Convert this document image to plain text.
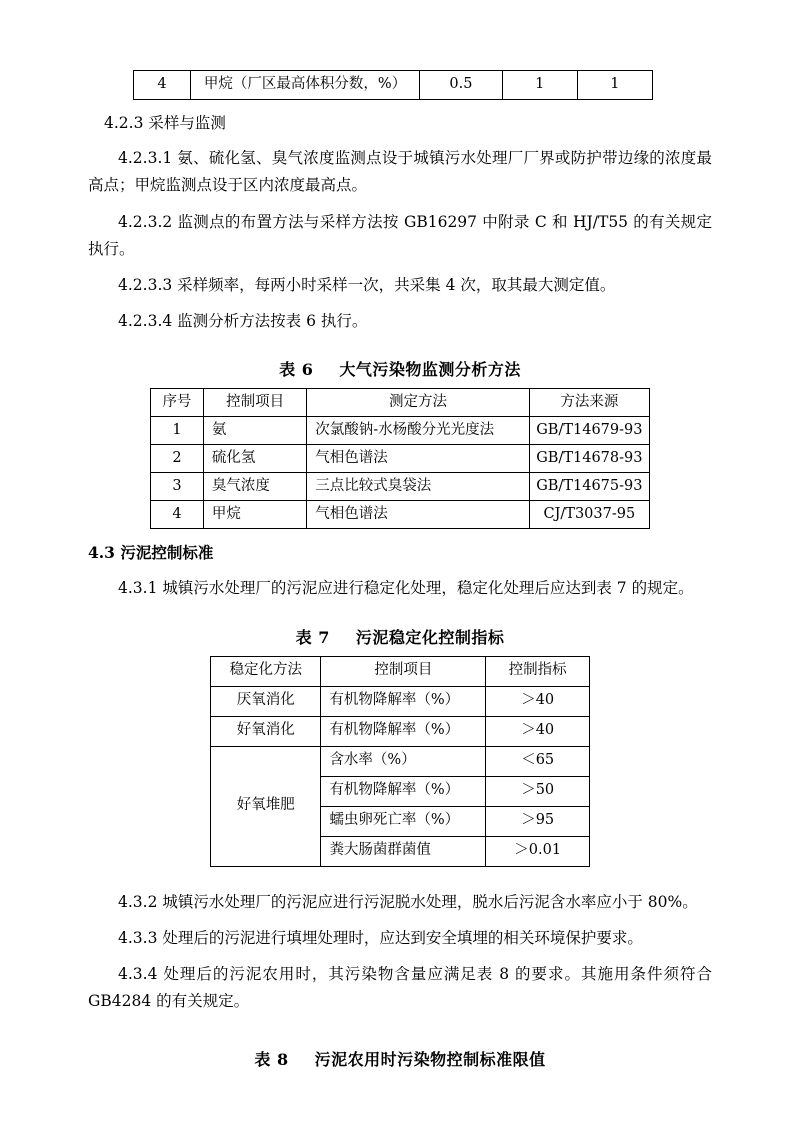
4	甲烷（厂区最高体积分数，%）	0.5	1	1

4.2.3 采样与监测

4.2.3.1 氨、硫化氢、臭气浓度监测点设于城镇污水处理厂厂界或防护带边缘的浓度最高点；甲烷监测点设于区内浓度最高点。

4.2.3.2 监测点的布置方法与采样方法按 GB16297 中附录 C 和 HJ/T55 的有关规定执行。

4.2.3.3 采样频率，每两小时采样一次，共采集 4 次，取其最大测定值。

4.2.3.4 监测分析方法按表 6 执行。

表 6 大气污染物监测分析方法
序号	控制项目	测定方法	方法来源
1	氨	次氯酸钠-水杨酸分光光度法	GB/T14679-93
2	硫化氢	气相色谱法	GB/T14678-93
3	臭气浓度	三点比较式臭袋法	GB/T14675-93
4	甲烷	气相色谱法	CJ/T3037-95

4.3 污泥控制标准

4.3.1 城镇污水处理厂的污泥应进行稳定化处理，稳定化处理后应达到表 7 的规定。

表 7 污泥稳定化控制指标
稳定化方法	控制项目	控制指标
厌氧消化	有机物降解率（%）	＞40
好氧消化	有机物降解率（%）	＞40
好氧堆肥	含水率（%）	＜65
	有机物降解率（%）	＞50
	蠕虫卵死亡率（%）	＞95
	粪大肠菌群菌值	＞0.01

4.3.2 城镇污水处理厂的污泥应进行污泥脱水处理，脱水后污泥含水率应小于 80%。

4.3.3 处理后的污泥进行填埋处理时，应达到安全填埋的相关环境保护要求。

4.3.4 处理后的污泥农用时，其污染物含量应满足表 8 的要求。其施用条件须符合 GB4284 的有关规定。

表 8 污泥农用时污染物控制标准限值
